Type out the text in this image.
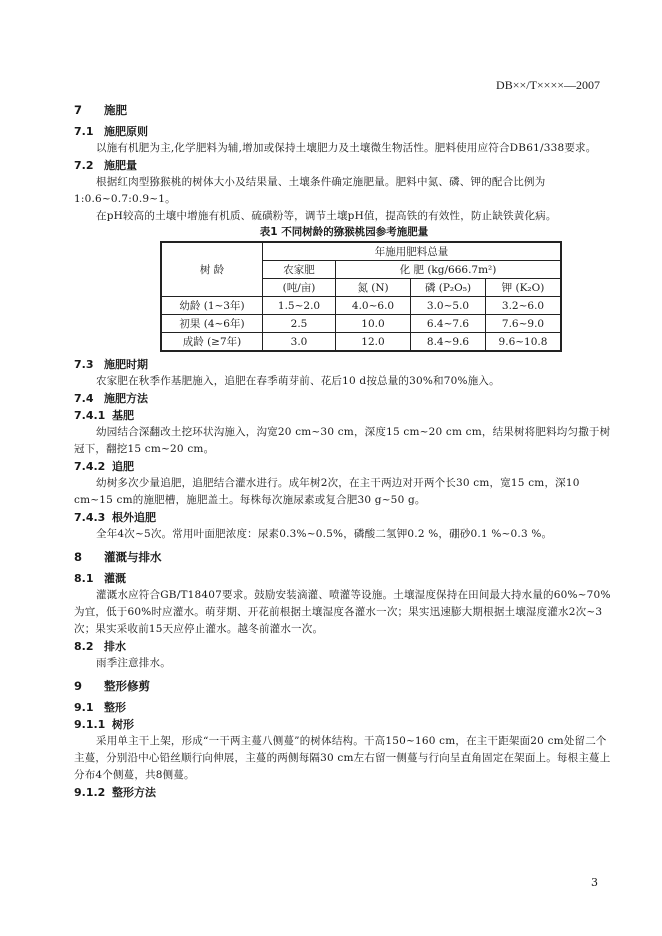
DB××/T××××—2007
7 施肥
7.1 施肥原则

以施有机肥为主,化学肥料为辅,增加或保持土壤肥力及土壤微生物活性。肥料使用应符合DB61/338要求。

7.2 施肥量

根据红肉型猕猴桃的树体大小及结果量、土壤条件确定施肥量。肥料中氮、磷、钾的配合比例为1:0.6~0.7:0.9~1。

在pH较高的土壤中增施有机质、硫磺粉等，调节土壤pH值，提高铁的有效性，防止缺铁黄化病。

表1 不同树龄的猕猴桃园参考施肥量
树 龄	年施用肥料总量			
	农家肥	化 肥 (kg/666.7m²)		
	(吨/亩)	氮 (N)	磷 (P₂O₅)	钾 (K₂O)
幼龄 (1~3年)	1.5~2.0	4.0~6.0	3.0~5.0	3.2~6.0
初果 (4~6年)	2.5	10.0	6.4~7.6	7.6~9.0
成龄 (≥7年)	3.0	12.0	8.4~9.6	9.6~10.8
7.3 施肥时期

农家肥在秋季作基肥施入，追肥在春季萌芽前、花后10 d按总量的30%和70%施入。

7.4 施肥方法
7.4.1 基肥

幼园结合深翻改土挖环状沟施入，沟宽20 cm~30 cm，深度15 cm~20 cm cm，结果树将肥料均匀撒于树冠下，翻挖15 cm~20 cm。

7.4.2 追肥

幼树多次少量追肥，追肥结合灌水进行。成年树2次，在主干两边对开两个长30 cm，宽15 cm，深10 cm~15 cm的施肥槽，施肥盖土。每株每次施尿素或复合肥30 g~50 g。

7.4.3 根外追肥

全年4次~5次。常用叶面肥浓度：尿素0.3%~0.5%，磷酸二氢钾0.2 %，硼砂0.1 %~0.3 %。

8 灌溉与排水
8.1 灌溉

灌溉水应符合GB/T18407要求。鼓励安装滴灌、喷灌等设施。土壤湿度保持在田间最大持水量的60%~70%为宜，低于60%时应灌水。萌芽期、开花前根据土壤湿度各灌水一次；果实迅速膨大期根据土壤湿度灌水2次~3次；果实采收前15天应停止灌水。越冬前灌水一次。

8.2 排水

雨季注意排水。

9 整形修剪
9.1 整形
9.1.1 树形

采用单主干上架，形成“一干两主蔓八侧蔓”的树体结构。干高150~160 cm，在主干距架面20 cm处留二个主蔓，分别沿中心铅丝顺行向伸展，主蔓的两侧每隔30 cm左右留一侧蔓与行向呈直角固定在架面上。每根主蔓上分布4个侧蔓，共8侧蔓。

9.1.2 整形方法
3
